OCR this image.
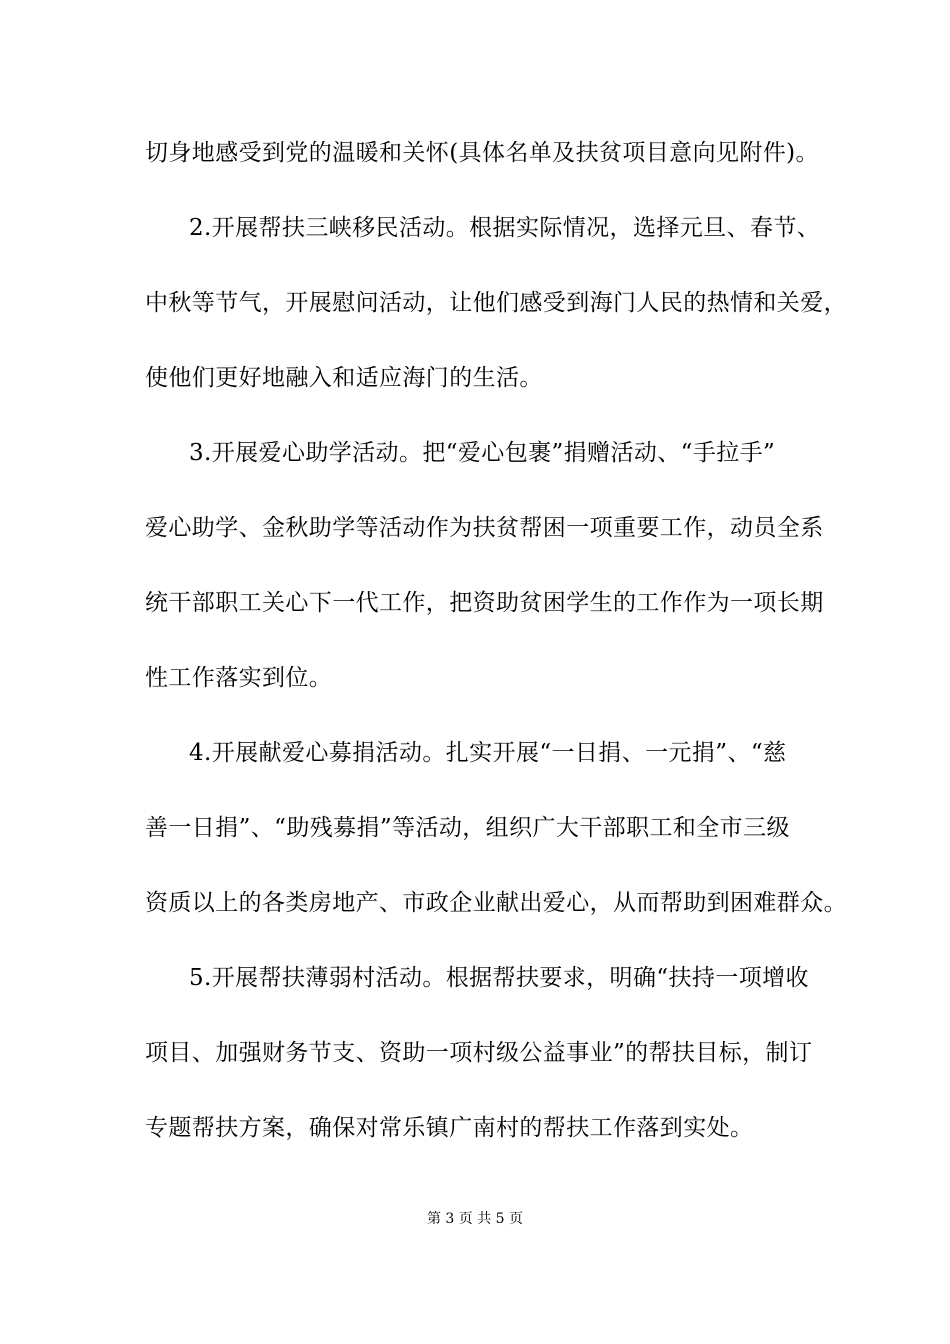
切身地感受到党的温暖和关怀(具体名单及扶贫项目意向见附件)。
2.开展帮扶三峡移民活动。根据实际情况，选择元旦、春节、
中秋等节气，开展慰问活动，让他们感受到海门人民的热情和关爱，
使他们更好地融入和适应海门的生活。
3.开展爱心助学活动。把“爱心包裹”捐赠活动、“手拉手”
爱心助学、金秋助学等活动作为扶贫帮困一项重要工作，动员全系
统干部职工关心下一代工作，把资助贫困学生的工作作为一项长期
性工作落实到位。
4.开展献爱心募捐活动。扎实开展“一日捐、一元捐”、“慈
善一日捐”、“助残募捐”等活动，组织广大干部职工和全市三级
资质以上的各类房地产、市政企业献出爱心，从而帮助到困难群众。
5.开展帮扶薄弱村活动。根据帮扶要求，明确“扶持一项增收
项目、加强财务节支、资助一项村级公益事业”的帮扶目标，制订
专题帮扶方案，确保对常乐镇广南村的帮扶工作落到实处。
第 3 页 共 5 页
